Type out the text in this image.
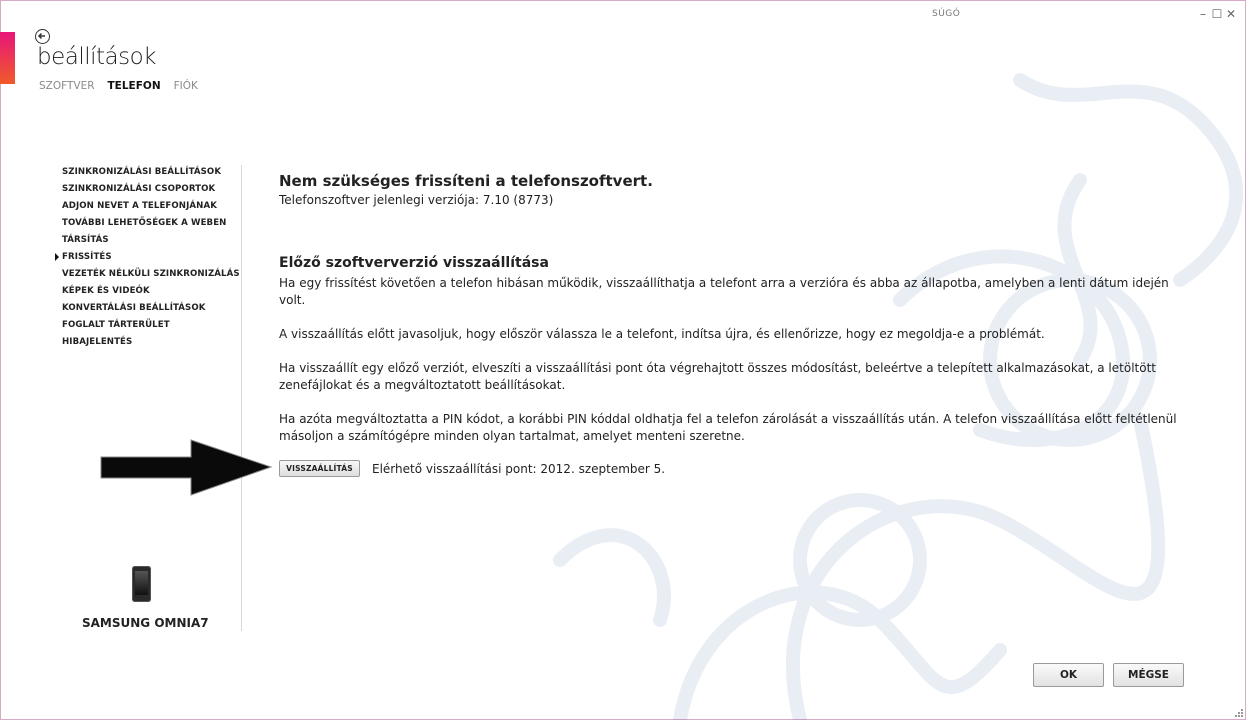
SÚGÓ	– ☐ ✕
beállítások
SZOFTVER TELEFON FIÓK
SZINKRONIZÁLÁSI BEÁLLÍTÁSOK
SZINKRONIZÁLÁSI CSOPORTOK
ADJON NEVET A TELEFONJÁNAK
TOVÁBBI LEHETŐSÉGEK A WEBEN
TÁRSÍTÁS
FRISSÍTÉS
VEZETÉK NÉLKÜLI SZINKRONIZÁLÁS
KÉPEK ÉS VIDEÓK
KONVERTÁLÁSI BEÁLLÍTÁSOK
FOGLALT TÁRTERÜLET
HIBAJELENTÉS
SAMSUNG OMNIA7

Nem szükséges frissíteni a telefonszoftvert.

Telefonszoftver jelenlegi verziója: 7.10 (8773)

Előző szoftververzió visszaállítása
Ha egy frissítést követően a telefon hibásan működik, visszaállíthatja a telefont arra a verzióra és abba az állapotba, amelyben a lenti dátum idején volt.
A visszaállítás előtt javasoljuk, hogy először válassza le a telefont, indítsa újra, és ellenőrizze, hogy ez megoldja-e a problémát.
Ha visszaállít egy előző verziót, elveszíti a visszaállítási pont óta végrehajtott összes módosítást, beleértve a telepített alkalmazásokat, a letöltött zenefájlokat és a megváltoztatott beállításokat.
Ha azóta megváltoztatta a PIN kódot, a korábbi PIN kóddal oldhatja fel a telefon zárolását a visszaállítás után. A telefon visszaállítása előtt feltétlenül másoljon a számítógépre minden olyan tartalmat, amelyet menteni szeretne.
VISSZAÁLLÍTÁS	Elérhető visszaállítási pont: 2012. szeptember 5.
OK	MÉGSE
